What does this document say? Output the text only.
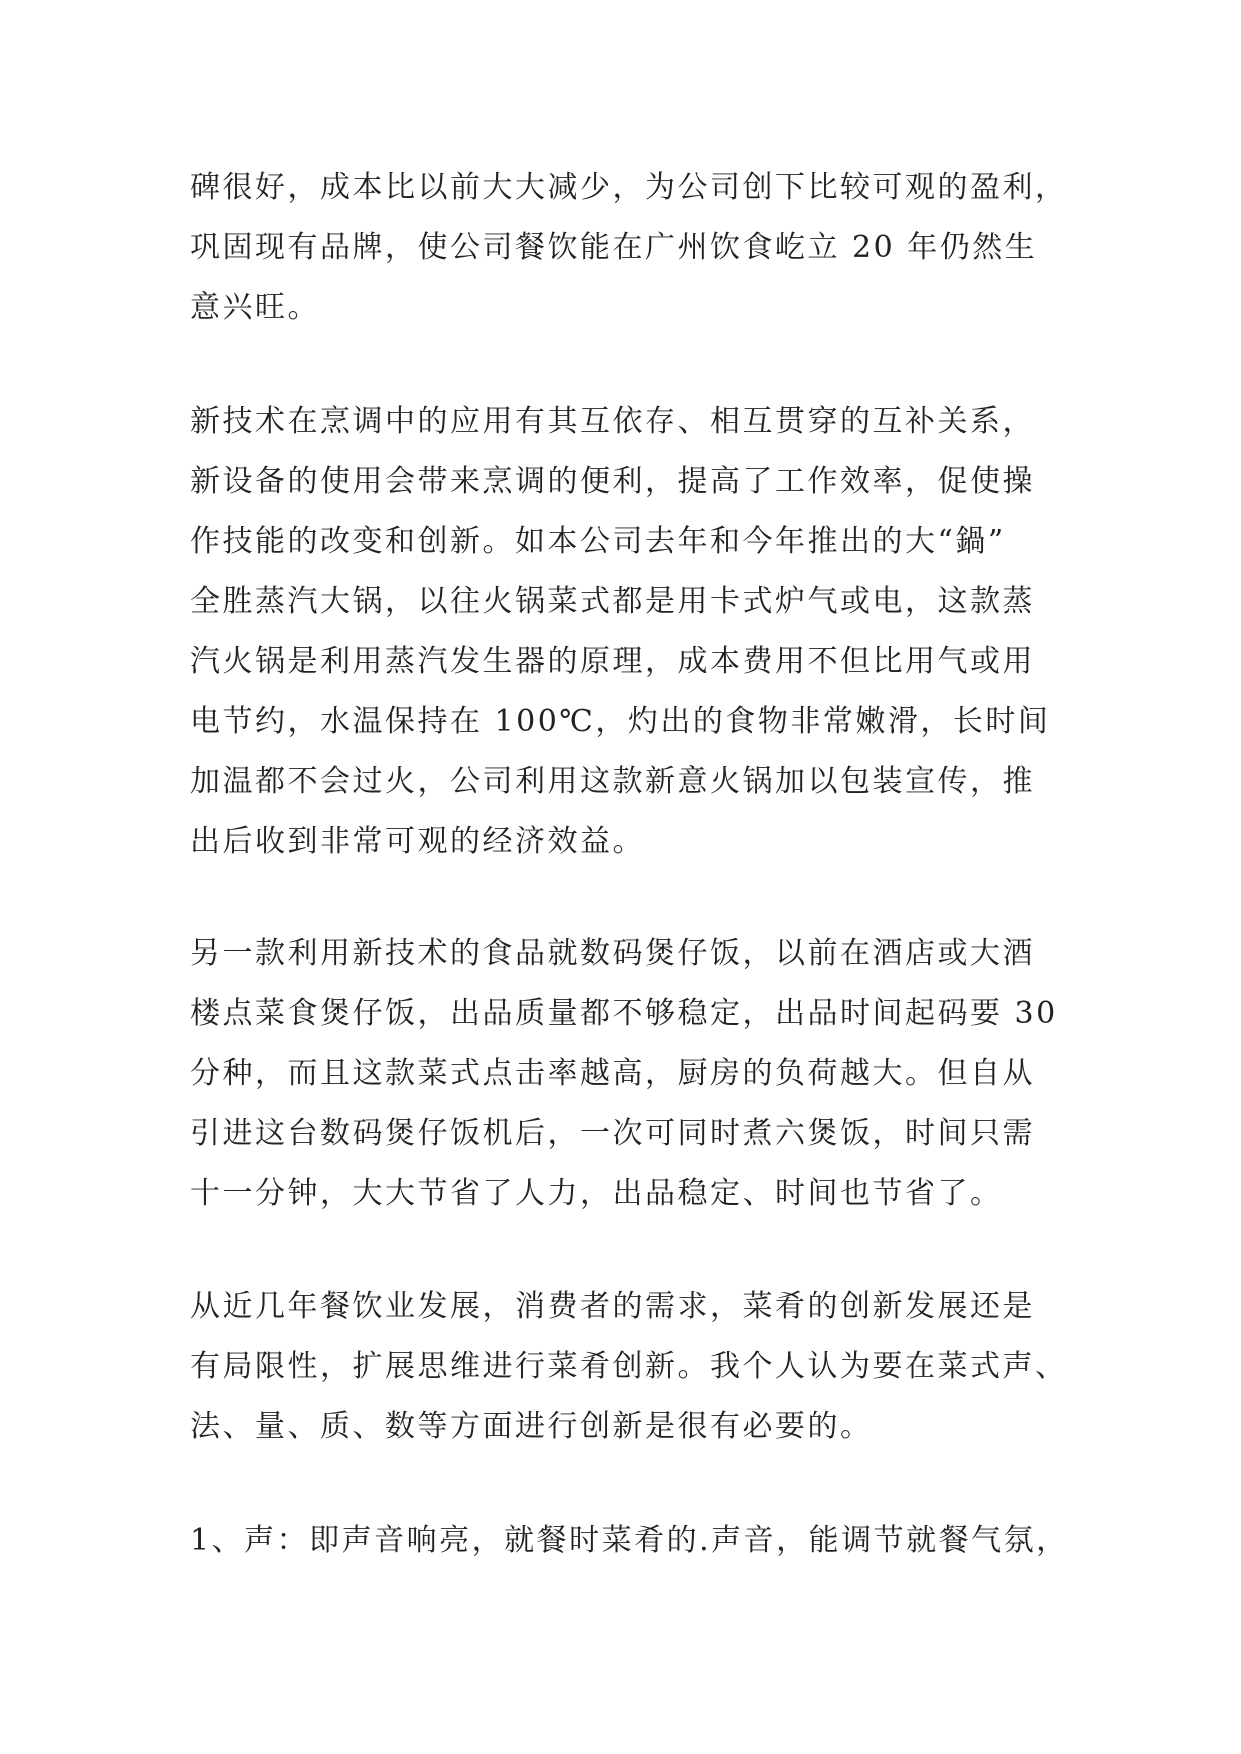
碑很好，成本比以前大大减少，为公司创下比较可观的盈利，

巩固现有品牌，使公司餐饮能在广州饮食屹立 20 年仍然生

意兴旺。

新技术在烹调中的应用有其互依存、相互贯穿的互补关系，

新设备的使用会带来烹调的便利，提高了工作效率，促使操

作技能的改变和创新。如本公司去年和今年推出的大“鍋”

全胜蒸汽大锅，以往火锅菜式都是用卡式炉气或电，这款蒸

汽火锅是利用蒸汽发生器的原理，成本费用不但比用气或用

电节约，水温保持在 100℃，灼出的食物非常嫩滑，长时间

加温都不会过火，公司利用这款新意火锅加以包装宣传，推

出后收到非常可观的经济效益。

另一款利用新技术的食品就数码煲仔饭，以前在酒店或大酒

楼点菜食煲仔饭，出品质量都不够稳定，出品时间起码要 30

分种，而且这款菜式点击率越高，厨房的负荷越大。但自从

引进这台数码煲仔饭机后，一次可同时煮六煲饭，时间只需

十一分钟，大大节省了人力，出品稳定、时间也节省了。

从近几年餐饮业发展，消费者的需求，菜肴的创新发展还是

有局限性，扩展思维进行菜肴创新。我个人认为要在菜式声、

法、量、质、数等方面进行创新是很有必要的。

1、声：即声音响亮，就餐时菜肴的.声音，能调节就餐气氛，
